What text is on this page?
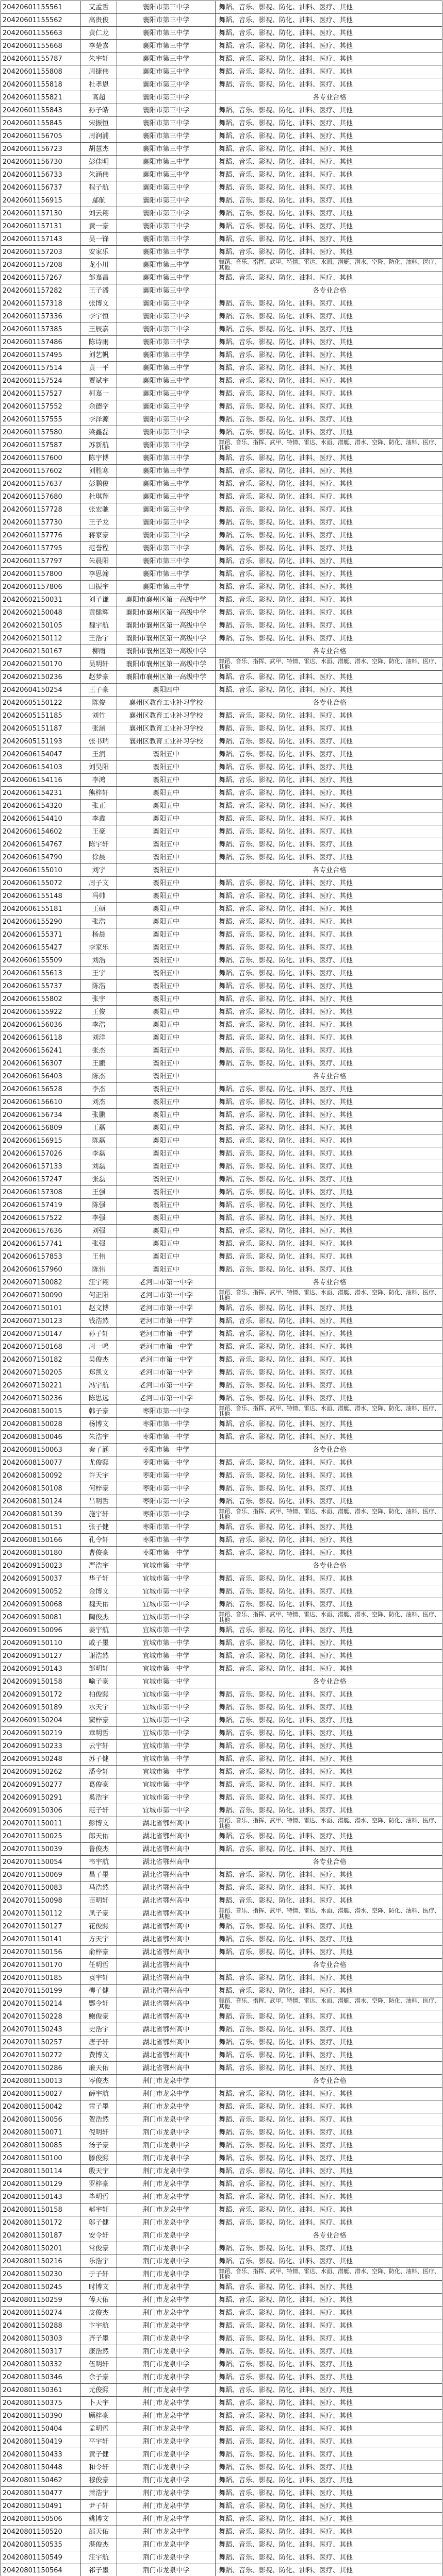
20420601155561	艾孟哲	襄阳市第三中学	舞蹈、音乐、影视、防化、油料、医疗、其他
20420601155562	高贵俊	襄阳市第三中学	舞蹈、音乐、影视、防化、油料、医疗、其他
20420601155663	黄仁龙	襄阳市第三中学	舞蹈、音乐、影视、防化、油料、医疗、其他
20420601155668	李楚嘉	襄阳市第三中学	舞蹈、音乐、影视、防化、油料、医疗、其他
20420601155787	朱宇轩	襄阳市第三中学	舞蹈、音乐、影视、防化、油料、医疗、其他
20420601155808	周捷伟	襄阳市第三中学	舞蹈、音乐、影视、防化、油料、医疗、其他
20420601155818	杜孝恩	襄阳市第三中学	舞蹈、音乐、影视、防化、油料、医疗、其他
20420601155821	高超	襄阳市第三中学	各专业合格
20420601155843	孙子皓	襄阳市第三中学	舞蹈、音乐、影视、防化、油料、医疗、其他
20420601155845	宋振恒	襄阳市第三中学	舞蹈、音乐、影视、防化、油料、医疗、其他
20420601156705	周润浦	襄阳市第三中学	舞蹈、音乐、影视、防化、油料、医疗、其他
20420601156723	胡慧杰	襄阳市第三中学	舞蹈、音乐、影视、防化、油料、医疗、其他
20420601156730	彭佳明	襄阳市第三中学	舞蹈、音乐、影视、防化、油料、医疗、其他
20420601156733	朱涵伟	襄阳市第三中学	舞蹈、音乐、影视、防化、油料、医疗、其他
20420601156737	程子航	襄阳市第三中学	舞蹈、音乐、影视、防化、油料、医疗、其他
20420601156915	鄢航	襄阳市第三中学	舞蹈、音乐、影视、防化、油料、医疗、其他
20420601157130	刘云翔	襄阳市第三中学	舞蹈、音乐、影视、防化、油料、医疗、其他
20420601157131	黄一豪	襄阳市第三中学	舞蹈、音乐、影视、防化、油料、医疗、其他
20420601157143	吴一锋	襄阳市第三中学	舞蹈、音乐、影视、防化、油料、医疗、其他
20420601157203	安家乐	襄阳市第三中学	舞蹈、音乐、影视、防化、油料、医疗、其他
20420601157208	龙小川	襄阳市第三中学	舞蹈、音乐、指挥、武甲、特情、雷达、水面、潜艇、潜水、空降、防化、油料、医疗、其他
20420601157267	邹嘉昌	襄阳市第三中学	舞蹈、音乐、影视、防化、油料、医疗、其他
20420601157282	王子潘	襄阳市第三中学	各专业合格
20420601157318	张博文	襄阳市第三中学	舞蹈、音乐、影视、防化、油料、医疗、其他
20420601157336	李宇恒	襄阳市第三中学	舞蹈、音乐、影视、防化、油料、医疗、其他
20420601157385	王辰嘉	襄阳市第三中学	舞蹈、音乐、影视、防化、油料、医疗、其他
20420601157486	陈诗雨	襄阳市第三中学	舞蹈、音乐、影视、防化、油料、医疗、其他
20420601157495	刘艺帆	襄阳市第三中学	舞蹈、音乐、影视、防化、油料、医疗、其他
20420601157514	黄一平	襄阳市第三中学	舞蹈、音乐、影视、防化、油料、医疗、其他
20420601157524	贾斌宇	襄阳市第三中学	舞蹈、音乐、影视、防化、油料、医疗、其他
20420601157527	柯嘉一	襄阳市第三中学	舞蹈、音乐、影视、防化、油料、医疗、其他
20420601157552	余德学	襄阳市第三中学	舞蹈、音乐、影视、防化、油料、医疗、其他
20420601157555	李泽源	襄阳市第三中学	舞蹈、音乐、影视、防化、油料、医疗、其他
20420601157580	梁鑫磊	襄阳市第三中学	舞蹈、音乐、影视、防化、油料、医疗、其他
20420601157587	苏新航	襄阳市第三中学	舞蹈、音乐、指挥、武甲、特情、雷达、水面、潜艇、潜水、空降、防化、油料、医疗、其他
20420601157600	陈宇博	襄阳市第三中学	舞蹈、音乐、影视、防化、油料、医疗、其他
20420601157602	刘胜寒	襄阳市第三中学	舞蹈、音乐、影视、防化、油料、医疗、其他
20420601157637	彭鹏俊	襄阳市第三中学	舞蹈、音乐、影视、防化、油料、医疗、其他
20420601157680	杜琪翔	襄阳市第三中学	舞蹈、音乐、影视、防化、油料、医疗、其他
20420601157728	张宏驰	襄阳市第三中学	舞蹈、音乐、影视、防化、油料、医疗、其他
20420601157730	王子龙	襄阳市第三中学	舞蹈、音乐、影视、防化、油料、医疗、其他
20420601157776	蒋家豪	襄阳市第三中学	舞蹈、音乐、影视、防化、油料、医疗、其他
20420601157795	范誉程	襄阳市第三中学	舞蹈、音乐、影视、防化、油料、医疗、其他
20420601157797	朱晨阳	襄阳市第三中学	舞蹈、音乐、影视、防化、油料、医疗、其他
20420601157800	李思翰	襄阳市第三中学	舞蹈、音乐、影视、防化、油料、医疗、其他
20420601157806	田振宇	襄阳市第三中学	舞蹈、音乐、影视、防化、油料、医疗、其他
20420602150031	刘子谦	襄阳市襄州区第一高级中学	舞蹈、音乐、影视、防化、油料、医疗、其他
20420602150048	黄健辉	襄阳市襄州区第一高级中学	舞蹈、音乐、影视、防化、油料、医疗、其他
20420602150105	魏宇航	襄阳市襄州区第一高级中学	舞蹈、音乐、影视、防化、油料、医疗、其他
20420602150112	王浩宇	襄阳市襄州区第一高级中学	舞蹈、音乐、影视、防化、油料、医疗、其他
20420602150167	柳雨	襄阳市襄州区第一高级中学	各专业合格
20420602150170	吴明轩	襄阳市襄州区第一高级中学	舞蹈、音乐、指挥、武甲、特情、雷达、水面、潜艇、潜水、空降、防化、油料、医疗、其他
20420602150236	赵梦豪	襄阳市襄州区第一高级中学	舞蹈、音乐、影视、防化、油料、医疗、其他
20420604150254	王子豪	襄阳四中	舞蹈、音乐、影视、防化、油料、医疗、其他
20420605150122	陈俊	襄州区教育工业补习学校	各专业合格
20420605151185	刘竹	襄州区教育工业补习学校	舞蹈、音乐、影视、防化、油料、医疗、其他
20420605151187	张涵	襄州区教育工业补习学校	舞蹈、音乐、影视、防化、油料、医疗、其他
20420605151193	张书瑞	襄州区教育工业补习学校	舞蹈、音乐、影视、防化、油料、医疗、其他
20420606154047	王润	襄阳五中	舞蹈、音乐、影视、防化、油料、医疗、其他
20420606154103	刘昊阳	襄阳五中	舞蹈、音乐、影视、防化、油料、医疗、其他
20420606154116	李鸿	襄阳五中	舞蹈、音乐、影视、防化、油料、医疗、其他
20420606154231	熊梓轩	襄阳五中	舞蹈、音乐、影视、防化、油料、医疗、其他
20420606154320	张正	襄阳五中	舞蹈、音乐、影视、防化、油料、医疗、其他
20420606154410	李鑫	襄阳五中	舞蹈、音乐、影视、防化、油料、医疗、其他
20420606154602	王豪	襄阳五中	舞蹈、音乐、影视、防化、油料、医疗、其他
20420606154767	陈宇轩	襄阳五中	舞蹈、音乐、影视、防化、油料、医疗、其他
20420606154790	徐晨	襄阳五中	舞蹈、音乐、影视、防化、油料、医疗、其他
20420606155010	刘宇	襄阳五中	各专业合格
20420606155072	周子文	襄阳五中	舞蹈、音乐、影视、防化、油料、医疗、其他
20420606155148	冯帅	襄阳五中	舞蹈、音乐、影视、防化、油料、医疗、其他
20420606155181	王硕	襄阳五中	舞蹈、音乐、影视、防化、油料、医疗、其他
20420606155290	张浩	襄阳五中	舞蹈、音乐、影视、防化、油料、医疗、其他
20420606155371	杨晨	襄阳五中	舞蹈、音乐、影视、防化、油料、医疗、其他
20420606155427	李家乐	襄阳五中	舞蹈、音乐、影视、防化、油料、医疗、其他
20420606155509	刘浩	襄阳五中	舞蹈、音乐、影视、防化、油料、医疗、其他
20420606155613	王宇	襄阳五中	舞蹈、音乐、影视、防化、油料、医疗、其他
20420606155737	陈浩	襄阳五中	舞蹈、音乐、影视、防化、油料、医疗、其他
20420606155802	张宇	襄阳五中	舞蹈、音乐、影视、防化、油料、医疗、其他
20420606155922	王俊	襄阳五中	舞蹈、音乐、影视、防化、油料、医疗、其他
20420606156036	李浩	襄阳五中	舞蹈、音乐、影视、防化、油料、医疗、其他
20420606156118	刘洋	襄阳五中	舞蹈、音乐、影视、防化、油料、医疗、其他
20420606156241	张杰	襄阳五中	舞蹈、音乐、影视、防化、油料、医疗、其他
20420606156307	王鹏	襄阳五中	舞蹈、音乐、影视、防化、油料、医疗、其他
20420606156403	陈杰	襄阳五中	各专业合格
20420606156528	李杰	襄阳五中	舞蹈、音乐、影视、防化、油料、医疗、其他
20420606156610	刘杰	襄阳五中	舞蹈、音乐、影视、防化、油料、医疗、其他
20420606156734	张鹏	襄阳五中	舞蹈、音乐、影视、防化、油料、医疗、其他
20420606156809	王磊	襄阳五中	舞蹈、音乐、影视、防化、油料、医疗、其他
20420606156915	陈磊	襄阳五中	舞蹈、音乐、影视、防化、油料、医疗、其他
20420606157026	李磊	襄阳五中	舞蹈、音乐、影视、防化、油料、医疗、其他
20420606157133	刘磊	襄阳五中	舞蹈、音乐、影视、防化、油料、医疗、其他
20420606157247	张磊	襄阳五中	舞蹈、音乐、影视、防化、油料、医疗、其他
20420606157308	王强	襄阳五中	舞蹈、音乐、影视、防化、油料、医疗、其他
20420606157419	陈强	襄阳五中	舞蹈、音乐、影视、防化、油料、医疗、其他
20420606157522	李强	襄阳五中	舞蹈、音乐、影视、防化、油料、医疗、其他
20420606157636	刘强	襄阳五中	舞蹈、音乐、影视、防化、油料、医疗、其他
20420606157741	张强	襄阳五中	舞蹈、音乐、影视、防化、油料、医疗、其他
20420606157853	王伟	襄阳五中	舞蹈、音乐、影视、防化、油料、医疗、其他
20420606157960	陈伟	襄阳五中	舞蹈、音乐、影视、防化、油料、医疗、其他
20420607150082	汪宇翔	老河口市第一中学	各专业合格
20420607150090	何正阳	老河口市第一中学	舞蹈、音乐、指挥、武甲、特情、雷达、水面、潜艇、潜水、空降、防化、油料、医疗、其他
20420607150101	赵文博	老河口市第一中学	舞蹈、音乐、影视、防化、油料、医疗、其他
20420607150123	钱浩然	老河口市第一中学	舞蹈、音乐、影视、防化、油料、医疗、其他
20420607150147	孙子轩	老河口市第一中学	舞蹈、音乐、影视、防化、油料、医疗、其他
20420607150168	周一鸣	老河口市第一中学	舞蹈、音乐、影视、防化、油料、医疗、其他
20420607150182	吴俊杰	老河口市第一中学	舞蹈、音乐、影视、防化、油料、医疗、其他
20420607150205	郑凯文	老河口市第一中学	舞蹈、音乐、影视、防化、油料、医疗、其他
20420607150221	冯宇航	老河口市第一中学	舞蹈、音乐、影视、防化、油料、医疗、其他
20420607150236	陈思远	老河口市第一中学	舞蹈、音乐、影视、防化、油料、医疗、其他
20420608150015	韩子豪	枣阳市第一中学	舞蹈、音乐、指挥、武甲、特情、雷达、水面、潜艇、潜水、空降、防化、油料、医疗、其他
20420608150028	杨博文	枣阳市第一中学	舞蹈、音乐、影视、防化、油料、医疗、其他
20420608150046	朱浩宇	枣阳市第一中学	舞蹈、音乐、影视、防化、油料、医疗、其他
20420608150063	秦子涵	枣阳市第一中学	各专业合格
20420608150077	尤俊熙	枣阳市第一中学	舞蹈、音乐、影视、防化、油料、医疗、其他
20420608150092	许天宇	枣阳市第一中学	舞蹈、音乐、影视、防化、油料、医疗、其他
20420608150108	何梓豪	枣阳市第一中学	舞蹈、音乐、影视、防化、油料、医疗、其他
20420608150124	吕明哲	枣阳市第一中学	舞蹈、音乐、影视、防化、油料、医疗、其他
20420608150139	施宇轩	枣阳市第一中学	舞蹈、音乐、指挥、武甲、特情、雷达、水面、潜艇、潜水、空降、防化、油料、医疗、其他
20420608150151	张子健	枣阳市第一中学	舞蹈、音乐、影视、防化、油料、医疗、其他
20420608150166	孔令轩	枣阳市第一中学	舞蹈、音乐、影视、防化、油料、医疗、其他
20420608150180	曹俊豪	枣阳市第一中学	舞蹈、音乐、影视、防化、油料、医疗、其他
20420609150023	严浩宇	宜城市第一中学	各专业合格
20420609150037	华子轩	宜城市第一中学	舞蹈、音乐、影视、防化、油料、医疗、其他
20420609150052	金博文	宜城市第一中学	舞蹈、音乐、影视、防化、油料、医疗、其他
20420609150068	魏天佑	宜城市第一中学	舞蹈、音乐、影视、防化、油料、医疗、其他
20420609150081	陶俊杰	宜城市第一中学	舞蹈、音乐、指挥、武甲、特情、雷达、水面、潜艇、潜水、空降、防化、油料、医疗、其他
20420609150096	姜宇航	宜城市第一中学	舞蹈、音乐、影视、防化、油料、医疗、其他
20420609150110	戚子墨	宜城市第一中学	舞蹈、音乐、影视、防化、油料、医疗、其他
20420609150127	谢浩然	宜城市第一中学	舞蹈、音乐、影视、防化、油料、医疗、其他
20420609150143	邹明轩	宜城市第一中学	舞蹈、音乐、影视、防化、油料、医疗、其他
20420609150158	喻子豪	宜城市第一中学	各专业合格
20420609150172	柏俊熙	宜城市第一中学	舞蹈、音乐、影视、防化、油料、医疗、其他
20420609150189	水天宇	宜城市第一中学	舞蹈、音乐、影视、防化、油料、医疗、其他
20420609150204	窦梓豪	宜城市第一中学	舞蹈、音乐、影视、防化、油料、医疗、其他
20420609150219	章明哲	宜城市第一中学	舞蹈、音乐、影视、防化、油料、医疗、其他
20420609150233	云宇轩	宜城市第一中学	舞蹈、音乐、影视、防化、油料、医疗、其他
20420609150248	苏子健	宜城市第一中学	舞蹈、音乐、影视、防化、油料、医疗、其他
20420609150262	潘令轩	宜城市第一中学	舞蹈、音乐、影视、防化、油料、医疗、其他
20420609150277	葛俊豪	宜城市第一中学	舞蹈、音乐、影视、防化、油料、医疗、其他
20420609150291	奚浩宇	宜城市第一中学	舞蹈、音乐、影视、防化、油料、医疗、其他
20420609150306	范子轩	宜城市第一中学	舞蹈、音乐、影视、防化、油料、医疗、其他
20420701150011	彭博文	湖北省鄂州高中	舞蹈、音乐、指挥、武甲、特情、雷达、水面、潜艇、潜水、空降、防化、油料、医疗、其他
20420701150025	郎天佑	湖北省鄂州高中	舞蹈、音乐、影视、防化、油料、医疗、其他
20420701150039	鲁俊杰	湖北省鄂州高中	舞蹈、音乐、影视、防化、油料、医疗、其他
20420701150054	韦宇航	湖北省鄂州高中	各专业合格
20420701150069	昌子墨	湖北省鄂州高中	舞蹈、音乐、影视、防化、油料、医疗、其他
20420701150083	马浩然	湖北省鄂州高中	舞蹈、音乐、影视、防化、油料、医疗、其他
20420701150098	苗明轩	湖北省鄂州高中	舞蹈、音乐、影视、防化、油料、医疗、其他
20420701150112	凤子豪	湖北省鄂州高中	舞蹈、音乐、指挥、武甲、特情、雷达、水面、潜艇、潜水、空降、防化、油料、医疗、其他
20420701150127	花俊熙	湖北省鄂州高中	舞蹈、音乐、影视、防化、油料、医疗、其他
20420701150141	方天宇	湖北省鄂州高中	舞蹈、音乐、影视、防化、油料、医疗、其他
20420701150156	俞梓豪	湖北省鄂州高中	舞蹈、音乐、影视、防化、油料、医疗、其他
20420701150170	任明哲	湖北省鄂州高中	各专业合格
20420701150185	袁宇轩	湖北省鄂州高中	舞蹈、音乐、影视、防化、油料、医疗、其他
20420701150199	柳子健	湖北省鄂州高中	舞蹈、音乐、影视、防化、油料、医疗、其他
20420701150214	酆令轩	湖北省鄂州高中	舞蹈、音乐、指挥、武甲、特情、雷达、水面、潜艇、潜水、空降、防化、油料、医疗、其他
20420701150228	鲍俊豪	湖北省鄂州高中	舞蹈、音乐、影视、防化、油料、医疗、其他
20420701150243	史浩宇	湖北省鄂州高中	舞蹈、音乐、影视、防化、油料、医疗、其他
20420701150257	唐子轩	湖北省鄂州高中	舞蹈、音乐、影视、防化、油料、医疗、其他
20420701150272	费博文	湖北省鄂州高中	舞蹈、音乐、影视、防化、油料、医疗、其他
20420701150286	廉天佑	湖北省鄂州高中	舞蹈、音乐、影视、防化、油料、医疗、其他
20420801150013	岑俊杰	荆门市龙泉中学	各专业合格
20420801150027	薛宇航	荆门市龙泉中学	舞蹈、音乐、影视、防化、油料、医疗、其他
20420801150042	雷子墨	荆门市龙泉中学	舞蹈、音乐、影视、防化、油料、医疗、其他
20420801150056	贺浩然	荆门市龙泉中学	舞蹈、音乐、影视、防化、油料、医疗、其他
20420801150071	倪明轩	荆门市龙泉中学	舞蹈、音乐、影视、防化、油料、医疗、其他
20420801150085	汤子豪	荆门市龙泉中学	舞蹈、音乐、影视、防化、油料、医疗、其他
20420801150100	滕俊熙	荆门市龙泉中学	舞蹈、音乐、影视、防化、油料、医疗、其他
20420801150114	殷天宇	荆门市龙泉中学	舞蹈、音乐、影视、防化、油料、医疗、其他
20420801150129	罗梓豪	荆门市龙泉中学	舞蹈、音乐、影视、防化、油料、医疗、其他
20420801150143	毕明哲	荆门市龙泉中学	舞蹈、音乐、影视、防化、油料、医疗、其他
20420801150158	郝宇轩	荆门市龙泉中学	舞蹈、音乐、影视、防化、油料、医疗、其他
20420801150172	邬子健	荆门市龙泉中学	舞蹈、音乐、影视、防化、油料、医疗、其他
20420801150187	安令轩	荆门市龙泉中学	各专业合格
20420801150201	常俊豪	荆门市龙泉中学	舞蹈、音乐、影视、防化、油料、医疗、其他
20420801150216	乐浩宇	荆门市龙泉中学	舞蹈、音乐、影视、防化、油料、医疗、其他
20420801150230	于子轩	荆门市龙泉中学	舞蹈、音乐、指挥、武甲、特情、雷达、水面、潜艇、潜水、空降、防化、油料、医疗、其他
20420801150245	时博文	荆门市龙泉中学	舞蹈、音乐、影视、防化、油料、医疗、其他
20420801150259	傅天佑	荆门市龙泉中学	舞蹈、音乐、影视、防化、油料、医疗、其他
20420801150274	皮俊杰	荆门市龙泉中学	舞蹈、音乐、影视、防化、油料、医疗、其他
20420801150288	卞宇航	荆门市龙泉中学	舞蹈、音乐、影视、防化、油料、医疗、其他
20420801150303	齐子墨	荆门市龙泉中学	舞蹈、音乐、影视、防化、油料、医疗、其他
20420801150317	康浩然	荆门市龙泉中学	舞蹈、音乐、影视、防化、油料、医疗、其他
20420801150332	伍明轩	荆门市龙泉中学	舞蹈、音乐、影视、防化、油料、医疗、其他
20420801150346	余子豪	荆门市龙泉中学	舞蹈、音乐、影视、防化、油料、医疗、其他
20420801150361	元俊熙	荆门市龙泉中学	舞蹈、音乐、影视、防化、油料、医疗、其他
20420801150375	卜天宇	荆门市龙泉中学	舞蹈、音乐、影视、防化、油料、医疗、其他
20420801150390	顾梓豪	荆门市龙泉中学	舞蹈、音乐、影视、防化、油料、医疗、其他
20420801150404	孟明哲	荆门市龙泉中学	舞蹈、音乐、影视、防化、油料、医疗、其他
20420801150419	平宇轩	荆门市龙泉中学	舞蹈、音乐、影视、防化、油料、医疗、其他
20420801150433	黄子健	荆门市龙泉中学	舞蹈、音乐、影视、防化、油料、医疗、其他
20420801150448	和令轩	荆门市龙泉中学	舞蹈、音乐、影视、防化、油料、医疗、其他
20420801150462	穆俊豪	荆门市龙泉中学	舞蹈、音乐、影视、防化、油料、医疗、其他
20420801150477	萧浩宇	荆门市龙泉中学	舞蹈、音乐、影视、防化、油料、医疗、其他
20420801150491	尹子轩	荆门市龙泉中学	舞蹈、音乐、影视、防化、油料、医疗、其他
20420801150506	姚博文	荆门市龙泉中学	舞蹈、音乐、影视、防化、油料、医疗、其他
20420801150520	邵天佑	荆门市龙泉中学	舞蹈、音乐、影视、防化、油料、医疗、其他
20420801150535	湛俊杰	荆门市龙泉中学	舞蹈、音乐、影视、防化、油料、医疗、其他
20420801150549	汪宇航	荆门市龙泉中学	舞蹈、音乐、影视、防化、油料、医疗、其他
20420801150564	祁子墨	荆门市龙泉中学	舞蹈、音乐、影视、防化、油料、医疗、其他
